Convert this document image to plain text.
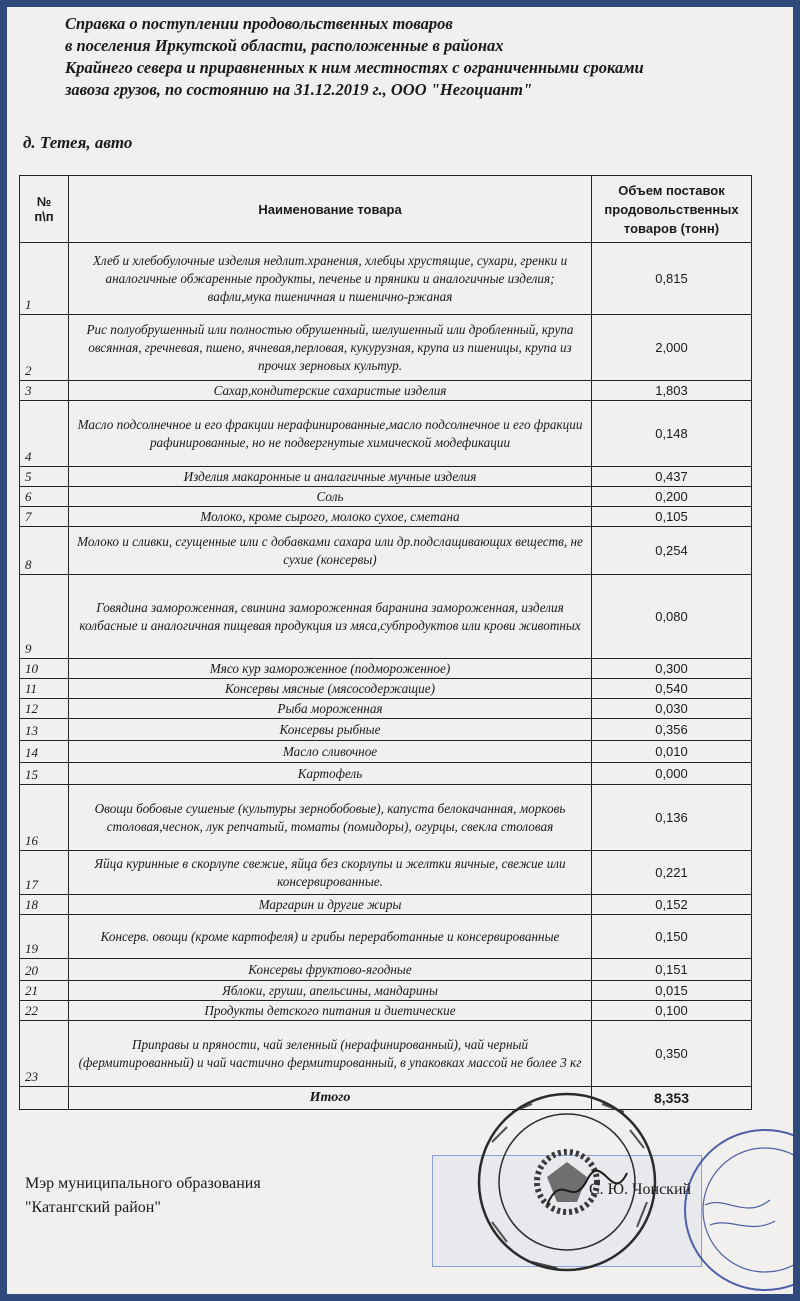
Справка о поступлении продовольственных товаров
в поселения Иркутской области, расположенные в районах
Крайнего севера и приравненных к ним местностях с ограниченными сроками
завоза грузов, по состоянию на 31.12.2019 г., ООО "Негоциант"
д. Тетея, авто
№ п\п	Наименование товара	Объем поставок продовольственных товаров (тонн)
1	Хлеб и хлебобулочные изделия недлит.хранения, хлебцы хрустящие, сухари, гренки и аналогичные обжаренные продукты, печенье и пряники и аналогичные изделия; вафли,мука пшеничная и пшенично-ржаная	0,815
2	Рис полуобрушенный или полностью обрушенный, шелушенный или дробленный, крупа овсянная, гречневая, пшено, ячневая,перловая, кукурузная, крупа из пшеницы, крупа из прочих зерновых культур.	2,000
3	Сахар,кондитерские сахаристые изделия	1,803
4	Масло подсолнечное и его фракции нерафинированные,масло подсолнечное и его фракции рафинированные, но не подвергнутые химической модефикации	0,148
5	Изделия макаронные и аналагичные мучные изделия	0,437
6	Соль	0,200
7	Молоко, кроме сырого, молоко сухое, сметана	0,105
8	Молоко и сливки, сгущенные или с добавками сахара или др.подслащивающих веществ, не сухие (консервы)	0,254
9	Говядина замороженная, свинина замороженная баранина замороженная, изделия колбасные и аналогичная пищевая продукция из мяса,субпродуктов или крови животных	0,080
10	Мясо кур замороженное (подмороженное)	0,300
11	Консервы мясные (мясосодержащие)	0,540
12	Рыба мороженная	0,030
13	Консервы рыбные	0,356
14	Масло сливочное	0,010
15	Картофель	0,000
16	Овощи бобовые сушеные (культуры зернобобовые), капуста белокачанная, морковь столовая,чеснок, лук репчатый, томаты (помидоры), огурцы, свекла столовая	0,136
17	Яйца куринные в скорлупе свежие, яйца без скорлупы и желтки яичные, свежие или консервированные.	0,221
18	Маргарин и другие жиры	0,152
19	Консерв. овощи (кроме картофеля) и грибы переработанные и консервированные	0,150
20	Консервы фруктово-ягодные	0,151
21	Яблоки, груши, апельсины, мандарины	0,015
22	Продукты детского питания и диетические	0,100
23	Приправы и пряности, чай зеленный (нерафинированный), чай черный (фермитированный) и чай частично фермитированный, в упаковках массой не более 3 кг	0,350
	Итого	8,353
Мэр муниципального образования
"Катангский район"
С. Ю. Чонский
